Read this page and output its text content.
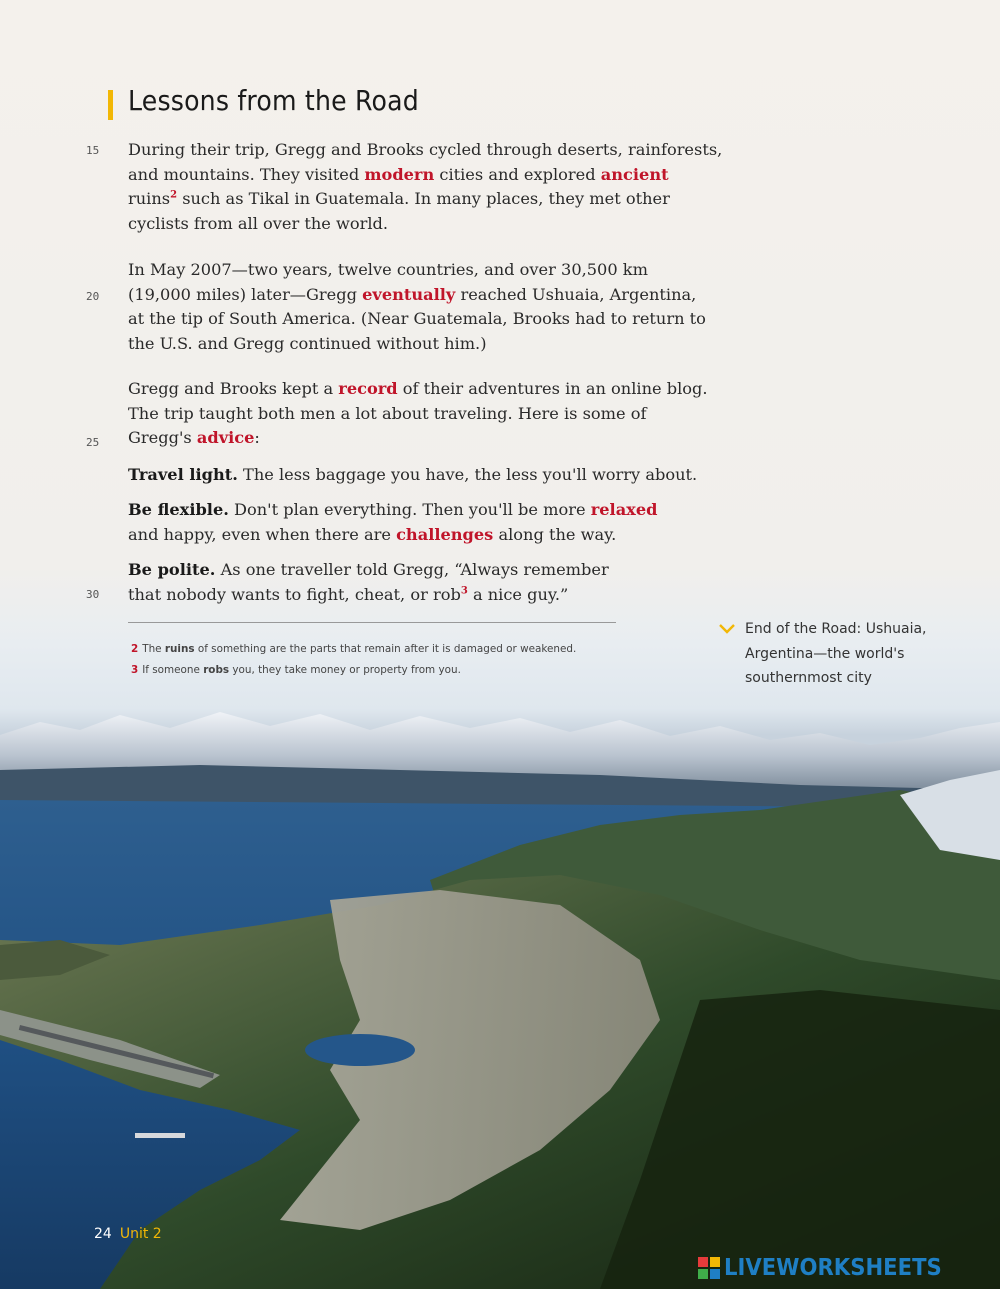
Lessons from the Road
15
20
25
30
During their trip, Gregg and Brooks cycled through deserts, rainforests,
and mountains. They visited modern cities and explored ancient
ruins$^2$ such as Tikal in Guatemala. In many places, they met other
cyclists from all over the world.
In May 2007—two years, twelve countries, and over 30,500 km
(19,000 miles) later—Gregg eventually reached Ushuaia, Argentina,
at the tip of South America. (Near Guatemala, Brooks had to return to
the U.S. and Gregg continued without him.)
Gregg and Brooks kept a record of their adventures in an online blog.
The trip taught both men a lot about traveling. Here is some of
Gregg's advice:
Travel light. The less baggage you have, the less you'll worry about.
Be flexible. Don't plan everything. Then you'll be more relaxed
and happy, even when there are challenges along the way.
Be polite. As one traveller told Gregg, “Always remember
that nobody wants to fight, cheat, or rob$^3$ a nice guy.”
2 The ruins of something are the parts that remain after it is damaged or weakened.
3 If someone robs you, they take money or property from you.
End of the Road: Ushuaia,
Argentina—the world's
southernmost city
24 Unit 2
LIVEWORKSHEETS
